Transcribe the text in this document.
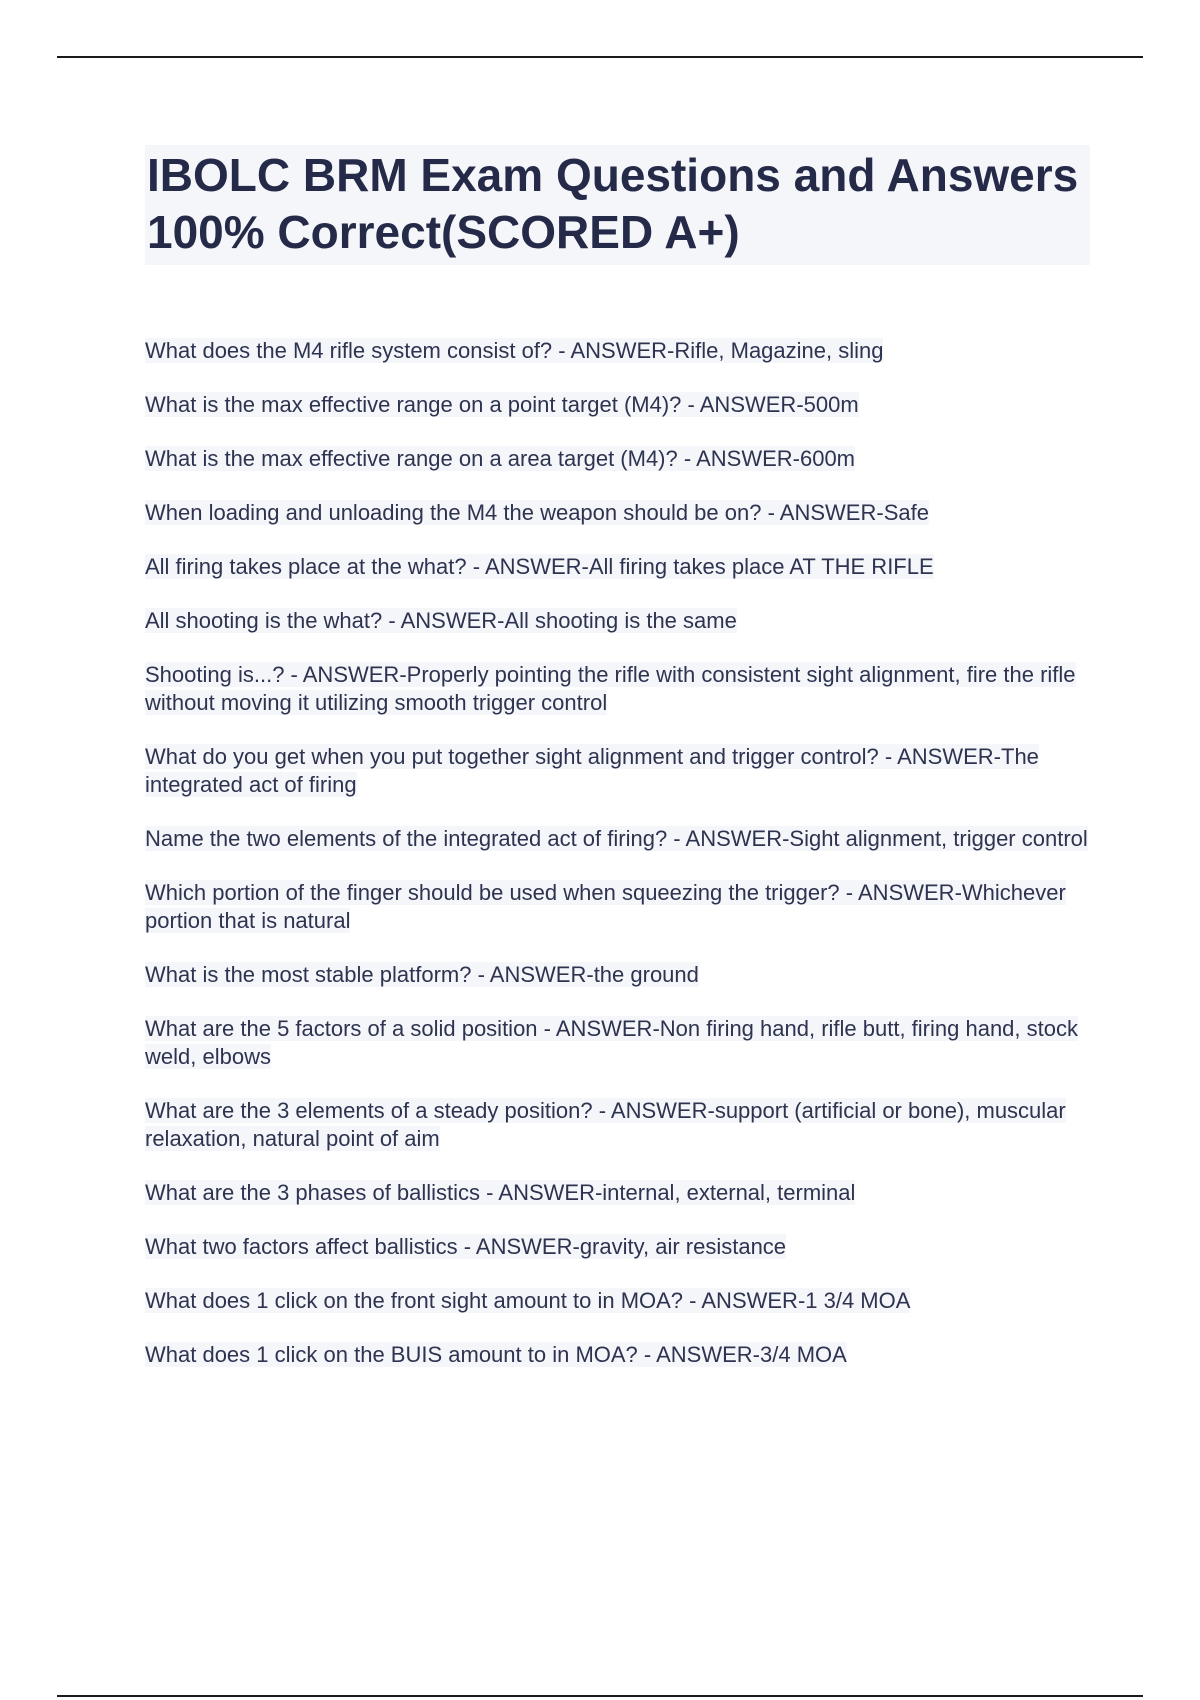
IBOLC BRM Exam Questions and Answers 100% Correct(SCORED A+)
What does the M4 rifle system consist of? - ANSWER-Rifle, Magazine, sling
What is the max effective range on a point target (M4)? - ANSWER-500m
What is the max effective range on a area target (M4)? - ANSWER-600m
When loading and unloading the M4 the weapon should be on? - ANSWER-Safe
All firing takes place at the what? - ANSWER-All firing takes place AT THE RIFLE
All shooting is the what? - ANSWER-All shooting is the same
Shooting is...? - ANSWER-Properly pointing the rifle with consistent sight alignment, fire the rifle without moving it utilizing smooth trigger control
What do you get when you put together sight alignment and trigger control? - ANSWER-The integrated act of firing
Name the two elements of the integrated act of firing? - ANSWER-Sight alignment, trigger control
Which portion of the finger should be used when squeezing the trigger? - ANSWER-Whichever portion that is natural
What is the most stable platform? - ANSWER-the ground
What are the 5 factors of a solid position - ANSWER-Non firing hand, rifle butt, firing hand, stock weld, elbows
What are the 3 elements of a steady position? - ANSWER-support (artificial or bone), muscular relaxation, natural point of aim
What are the 3 phases of ballistics - ANSWER-internal, external, terminal
What two factors affect ballistics - ANSWER-gravity, air resistance
What does 1 click on the front sight amount to in MOA? - ANSWER-1 3/4 MOA
What does 1 click on the BUIS amount to in MOA? - ANSWER-3/4 MOA
